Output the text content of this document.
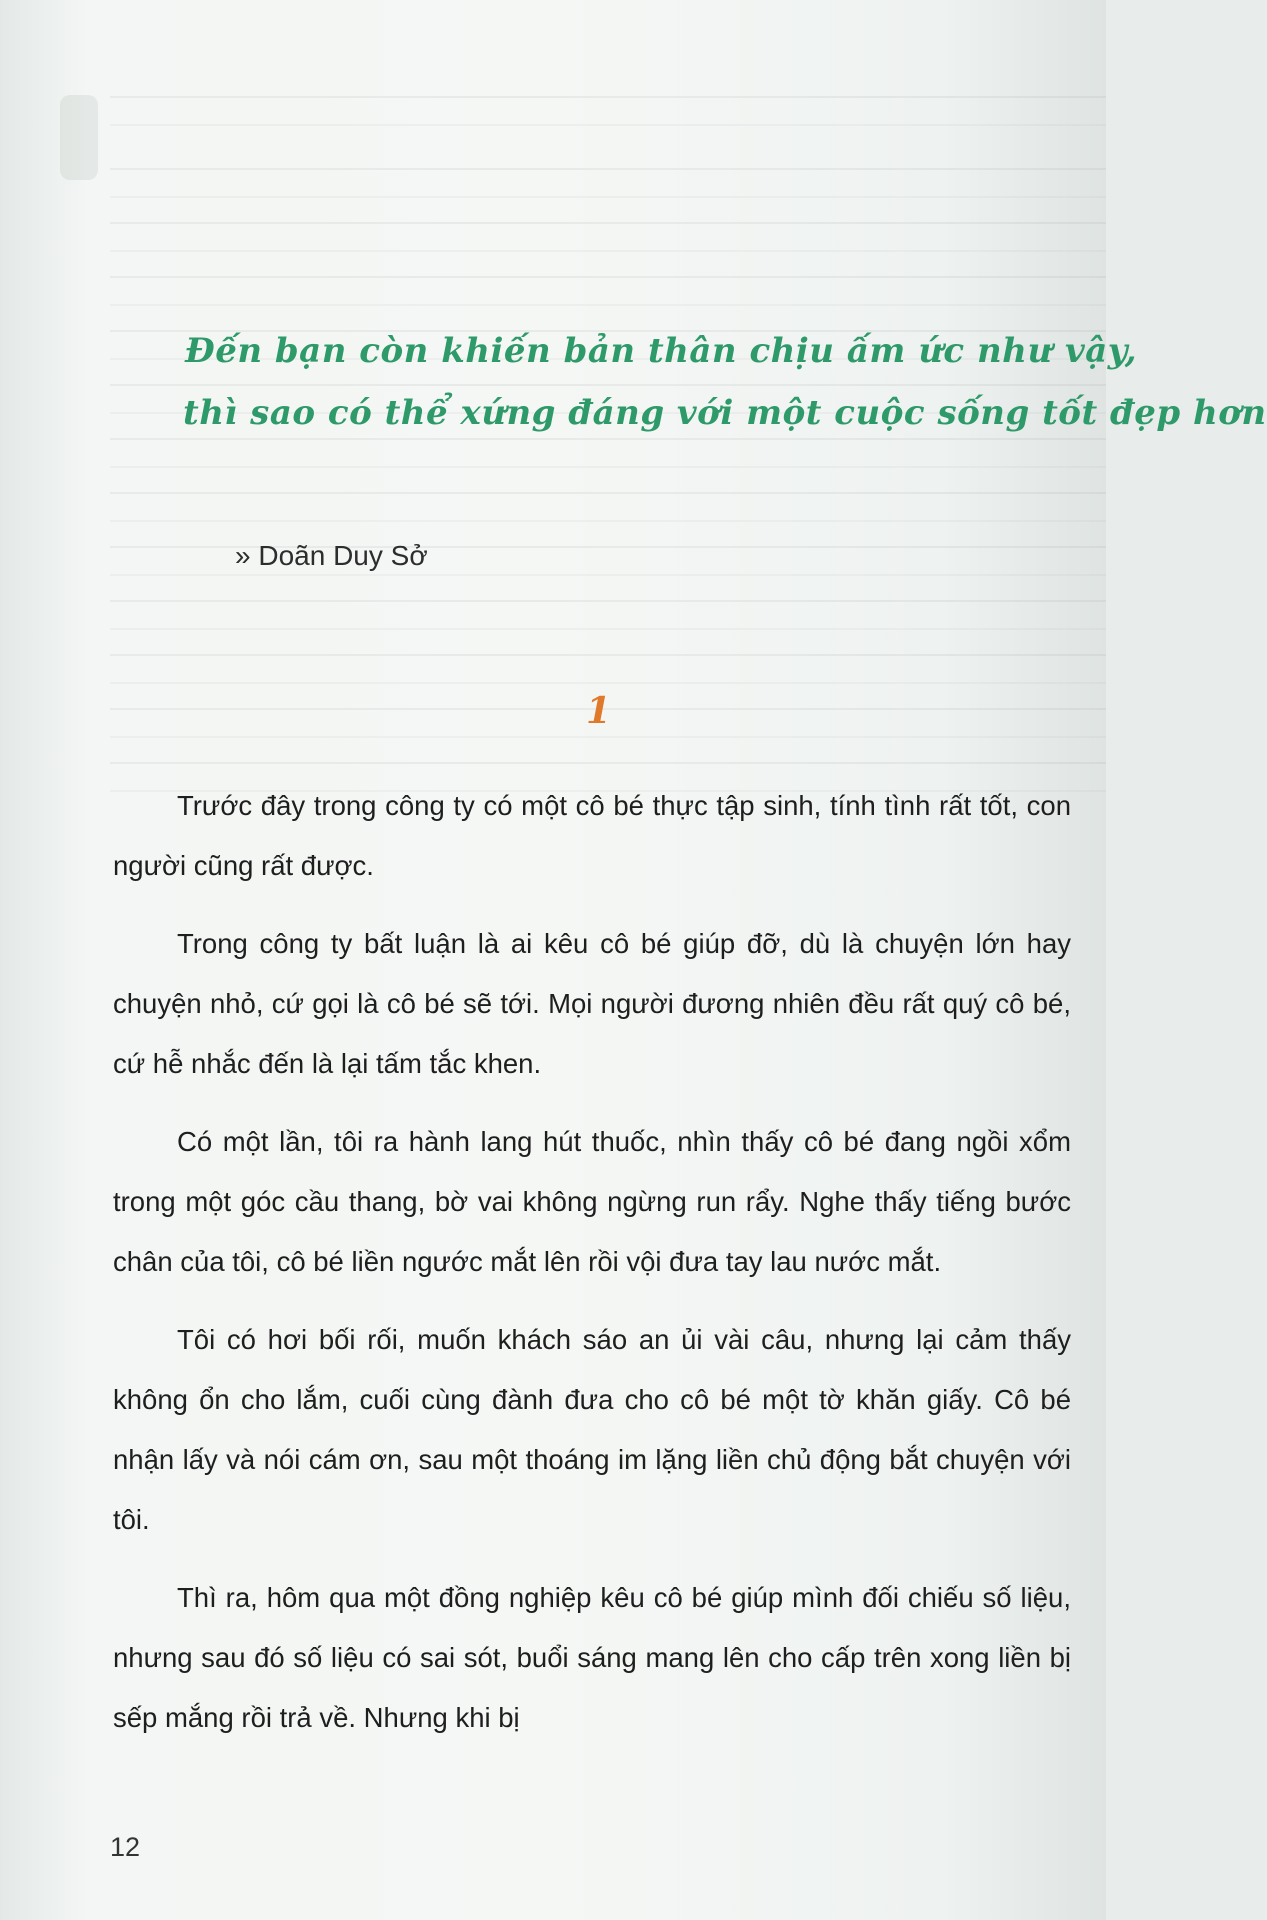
Đến bạn còn khiến bản thân chịu ấm ức như vậy,
thì sao có thể xứng đáng với một cuộc sống tốt đẹp hơn
» Doãn Duy Sở
1

Trước đây trong công ty có một cô bé thực tập sinh, tính tình rất tốt, con người cũng rất được.

Trong công ty bất luận là ai kêu cô bé giúp đỡ, dù là chuyện lớn hay chuyện nhỏ, cứ gọi là cô bé sẽ tới. Mọi người đương nhiên đều rất quý cô bé, cứ hễ nhắc đến là lại tấm tắc khen.

Có một lần, tôi ra hành lang hút thuốc, nhìn thấy cô bé đang ngồi xổm trong một góc cầu thang, bờ vai không ngừng run rẩy. Nghe thấy tiếng bước chân của tôi, cô bé liền ngước mắt lên rồi vội đưa tay lau nước mắt.

Tôi có hơi bối rối, muốn khách sáo an ủi vài câu, nhưng lại cảm thấy không ổn cho lắm, cuối cùng đành đưa cho cô bé một tờ khăn giấy. Cô bé nhận lấy và nói cám ơn, sau một thoáng im lặng liền chủ động bắt chuyện với tôi.

Thì ra, hôm qua một đồng nghiệp kêu cô bé giúp mình đối chiếu số liệu, nhưng sau đó số liệu có sai sót, buổi sáng mang lên cho cấp trên xong liền bị sếp mắng rồi trả về. Nhưng khi bị

12
